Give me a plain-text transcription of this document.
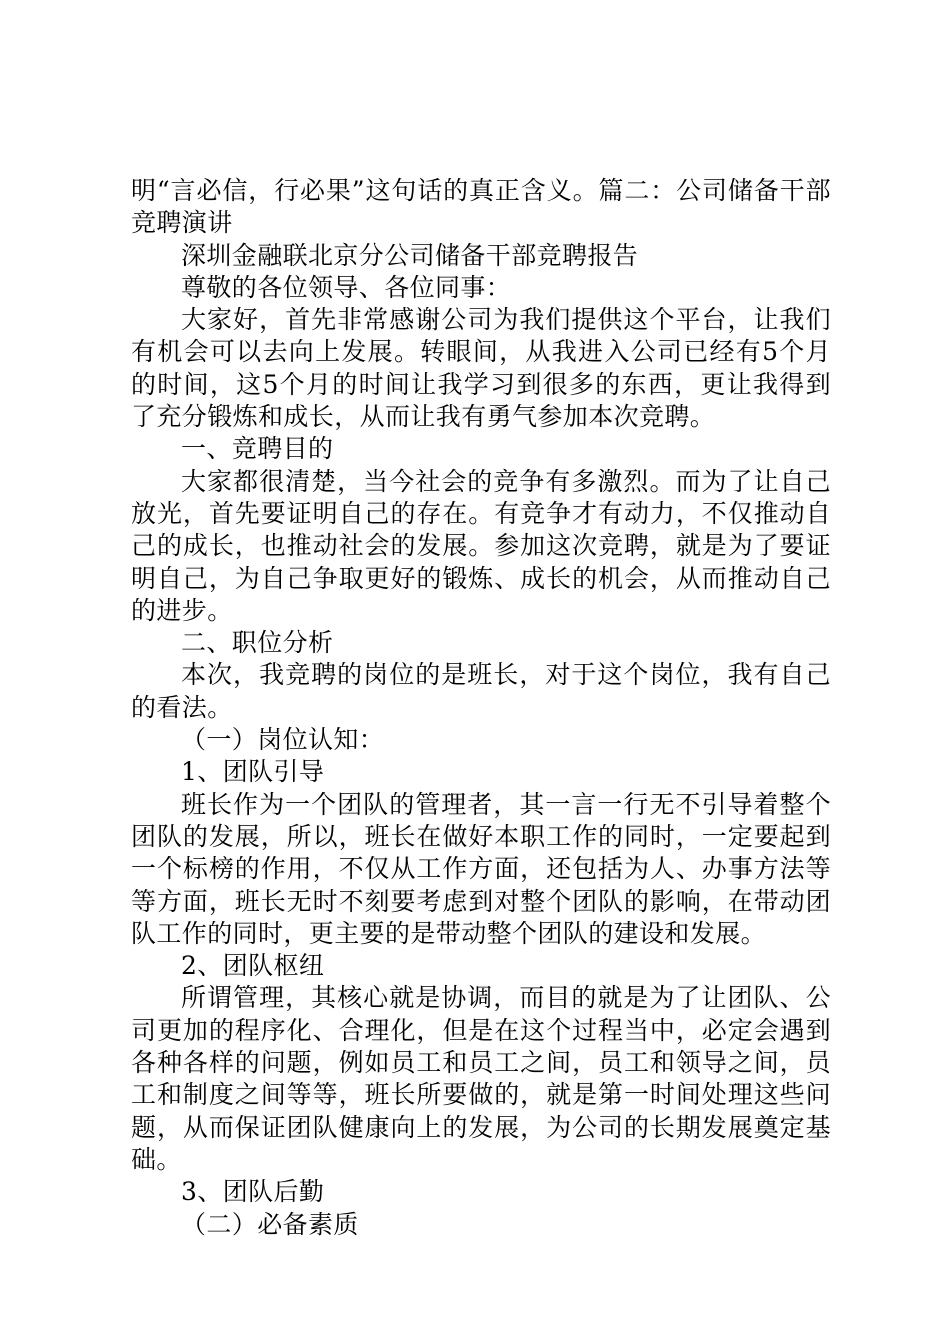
明“言必信，行必果”这句话的真正含义。篇二：公司储备干部竞聘演讲

深圳金融联北京分公司储备干部竞聘报告

尊敬的各位领导、各位同事：

大家好，首先非常感谢公司为我们提供这个平台，让我们有机会可以去向上发展。转眼间，从我进入公司已经有5个月的时间，这5个月的时间让我学习到很多的东西，更让我得到了充分锻炼和成长，从而让我有勇气参加本次竞聘。

一、竞聘目的

大家都很清楚，当今社会的竞争有多激烈。而为了让自己放光，首先要证明自己的存在。有竞争才有动力，不仅推动自己的成长，也推动社会的发展。参加这次竞聘，就是为了要证明自己，为自己争取更好的锻炼、成长的机会，从而推动自己的进步。

二、职位分析

本次，我竞聘的岗位的是班长，对于这个岗位，我有自己的看法。

（一）岗位认知：

1、团队引导

班长作为一个团队的管理者，其一言一行无不引导着整个团队的发展，所以，班长在做好本职工作的同时，一定要起到一个标榜的作用，不仅从工作方面，还包括为人、办事方法等等方面，班长无时不刻要考虑到对整个团队的影响，在带动团队工作的同时，更主要的是带动整个团队的建设和发展。

2、团队枢纽

所谓管理，其核心就是协调，而目的就是为了让团队、公司更加的程序化、合理化，但是在这个过程当中，必定会遇到各种各样的问题，例如员工和员工之间，员工和领导之间，员工和制度之间等等，班长所要做的，就是第一时间处理这些问题，从而保证团队健康向上的发展，为公司的长期发展奠定基础。

3、团队后勤

（二）必备素质
